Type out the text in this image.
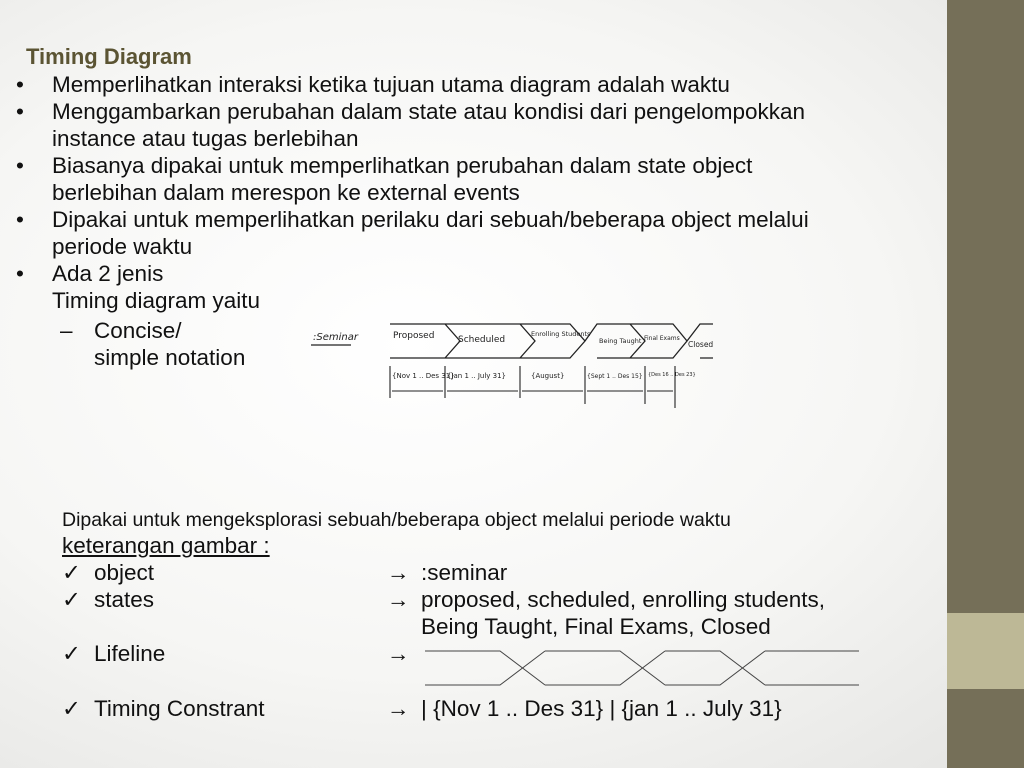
Timing Diagram
• Memperlihatkan interaksi ketika tujuan utama diagram adalah waktu
• Menggambarkan perubahan dalam state atau kondisi dari pengelompokkan
instance atau tugas berlebihan
• Biasanya dipakai untuk memperlihatkan perubahan dalam state object
berlebihan dalam merespon ke external events
• Dipakai untuk memperlihatkan perilaku dari sebuah/beberapa object melalui
periode waktu
• Ada 2 jenis
Timing diagram yaitu
– Concise/
simple notation
:Seminar	Proposed	Scheduled
Enrolling Students
Being Taught Final Exams
Closed
{Nov 1 .. Des 31}
{Jan 1 .. July 31}	{August}	{Sept 1 .. Des 15} {Des 16 .. Des 23}
Dipakai untuk mengeksplorasi sebuah/beberapa object melalui periode waktu
keterangan gambar :
✓ object	→ :seminar
✓ states	→ proposed, scheduled, enrolling students,
Being Taught, Final Exams, Closed
✓ Lifeline	→
✓ Timing Constrant	→ | {Nov 1 .. Des 31} | {jan 1 .. July 31}
